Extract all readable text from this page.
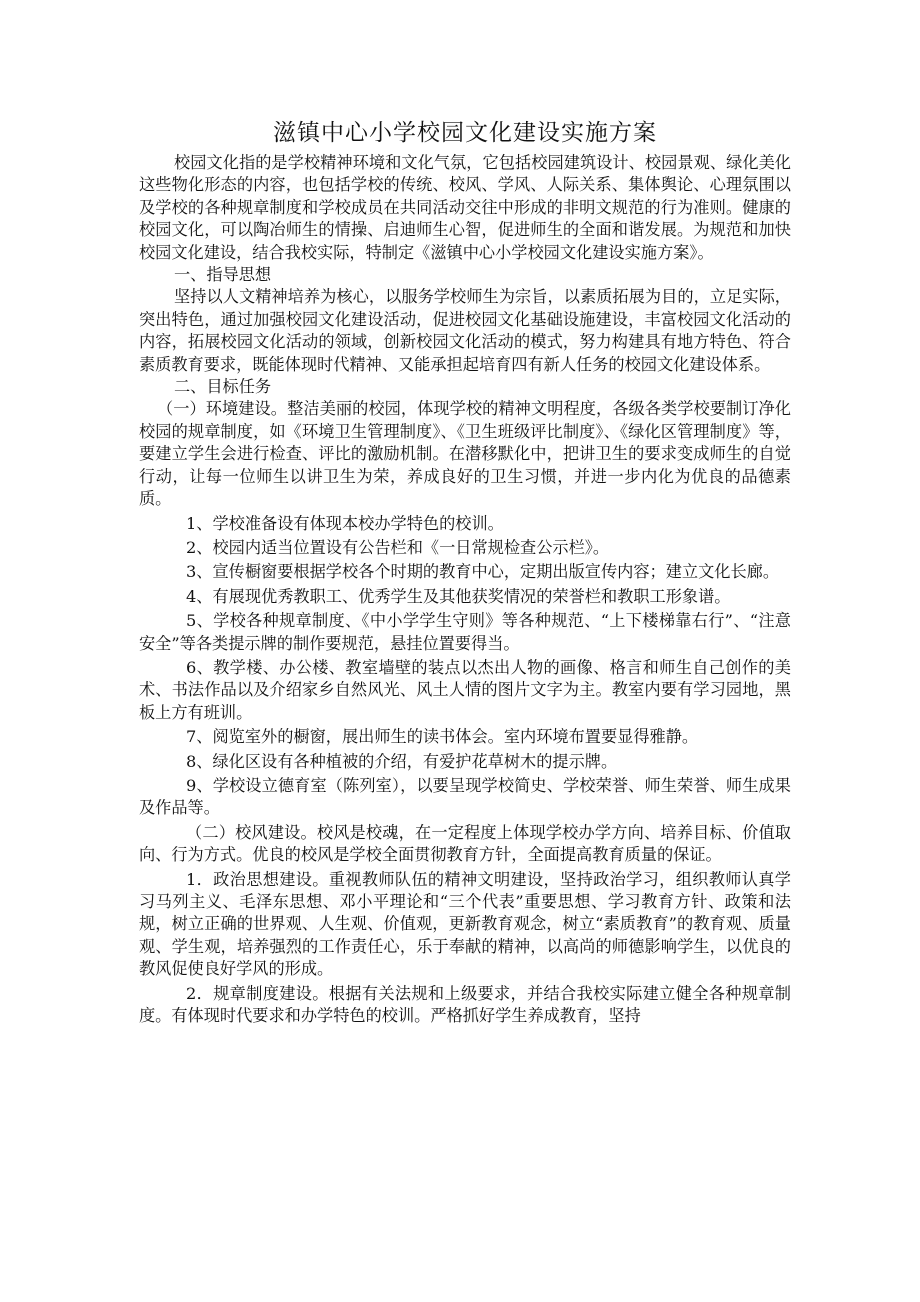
滋镇中心小学校园文化建设实施方案

校园文化指的是学校精神环境和文化气氛，它包括校园建筑设计、校园景观、绿化美化这些物化形态的内容，也包括学校的传统、校风、学风、人际关系、集体舆论、心理氛围以及学校的各种规章制度和学校成员在共同活动交往中形成的非明文规范的行为准则。健康的校园文化，可以陶冶师生的情操、启迪师生心智，促进师生的全面和谐发展。为规范和加快校园文化建设，结合我校实际，特制定《滋镇中心小学校园文化建设实施方案》。

一、指导思想

坚持以人文精神培养为核心，以服务学校师生为宗旨，以素质拓展为目的，立足实际，突出特色，通过加强校园文化建设活动，促进校园文化基础设施建设，丰富校园文化活动的内容，拓展校园文化活动的领域，创新校园文化活动的模式，努力构建具有地方特色、符合素质教育要求，既能体现时代精神、又能承担起培育四有新人任务的校园文化建设体系。

二、目标任务

（一）环境建设。整洁美丽的校园，体现学校的精神文明程度，各级各类学校要制订净化校园的规章制度，如《环境卫生管理制度》、《卫生班级评比制度》、《绿化区管理制度》等，要建立学生会进行检查、评比的激励机制。在潜移默化中，把讲卫生的要求变成师生的自觉行动，让每一位师生以讲卫生为荣，养成良好的卫生习惯，并进一步内化为优良的品德素质。

1、学校准备设有体现本校办学特色的校训。

2、校园内适当位置设有公告栏和《一日常规检查公示栏》。

3、宣传橱窗要根据学校各个时期的教育中心，定期出版宣传内容；建立文化长廊。

4、有展现优秀教职工、优秀学生及其他获奖情况的荣誉栏和教职工形象谱。

5、学校各种规章制度、《中小学学生守则》等各种规范、“上下楼梯靠右行”、“注意安全”等各类提示牌的制作要规范，悬挂位置要得当。

6、教学楼、办公楼、教室墙壁的装点以杰出人物的画像、格言和师生自己创作的美术、书法作品以及介绍家乡自然风光、风土人情的图片文字为主。教室内要有学习园地，黑板上方有班训。

7、阅览室外的橱窗，展出师生的读书体会。室内环境布置要显得雅静。

8、绿化区设有各种植被的介绍，有爱护花草树木的提示牌。

9、学校设立德育室（陈列室），以要呈现学校简史、学校荣誉、师生荣誉、师生成果及作品等。

（二）校风建设。校风是校魂，在一定程度上体现学校办学方向、培养目标、价值取向、行为方式。优良的校风是学校全面贯彻教育方针，全面提高教育质量的保证。

1．政治思想建设。重视教师队伍的精神文明建设，坚持政治学习，组织教师认真学习马列主义、毛泽东思想、邓小平理论和“三个代表”重要思想、学习教育方针、政策和法规，树立正确的世界观、人生观、价值观，更新教育观念，树立“素质教育”的教育观、质量观、学生观，培养强烈的工作责任心，乐于奉献的精神，以高尚的师德影响学生，以优良的教风促使良好学风的形成。

2．规章制度建设。根据有关法规和上级要求，并结合我校实际建立健全各种规章制度。有体现时代要求和办学特色的校训。严格抓好学生养成教育，坚持
